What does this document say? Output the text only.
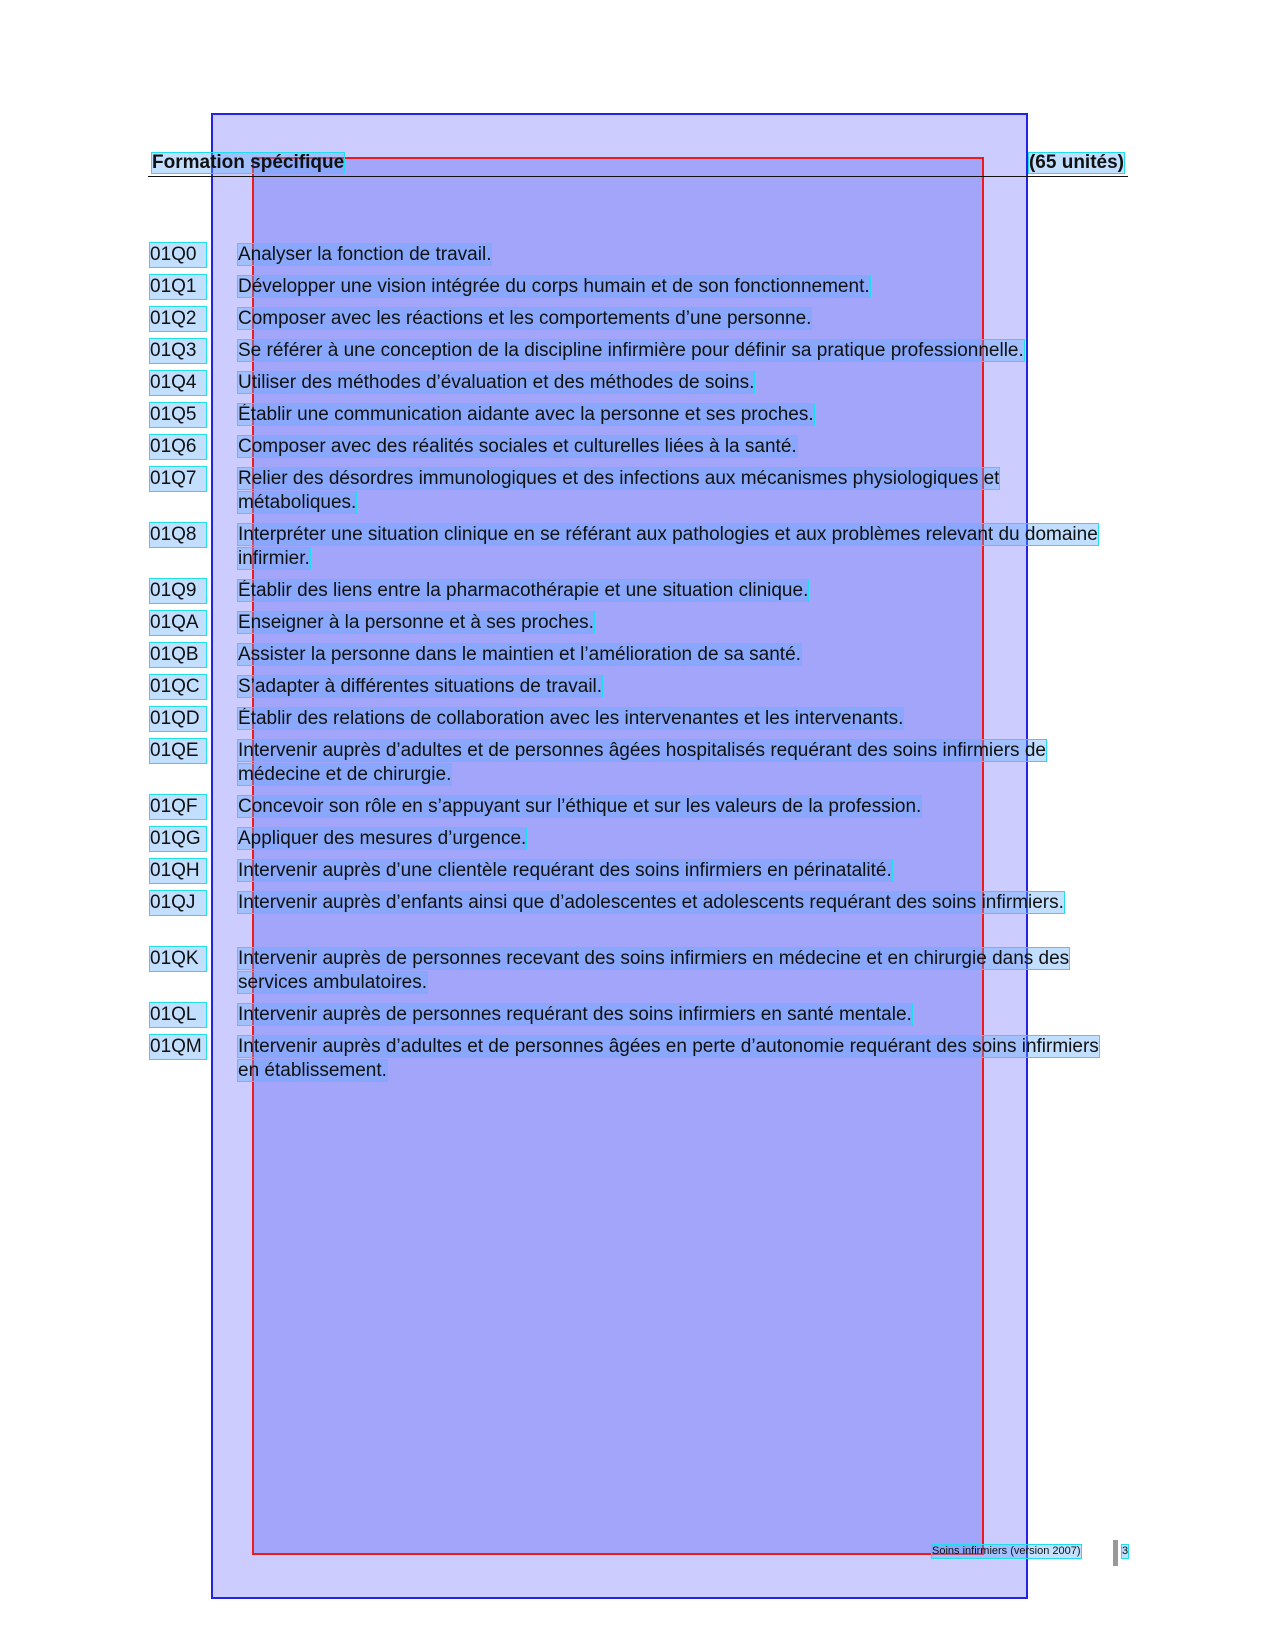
Formation spécifique	(65 unités)
01Q0	Analyser la fonction de travail.
01Q1	Développer une vision intégrée du corps humain et de son fonctionnement.
01Q2	Composer avec les réactions et les comportements d’une personne.
01Q3	Se référer à une conception de la discipline infirmière pour définir sa pratique professionnelle.
01Q4	Utiliser des méthodes d’évaluation et des méthodes de soins.
01Q5	Établir une communication aidante avec la personne et ses proches.
01Q6	Composer avec des réalités sociales et culturelles liées à la santé.
01Q7	Relier des désordres immunologiques et des infections aux mécanismes physiologiques et métaboliques.
01Q8	Interpréter une situation clinique en se référant aux pathologies et aux problèmes relevant du domaine infirmier.
01Q9	Établir des liens entre la pharmacothérapie et une situation clinique.
01QA	Enseigner à la personne et à ses proches.
01QB	Assister la personne dans le maintien et l’amélioration de sa santé.
01QC	S’adapter à différentes situations de travail.
01QD	Établir des relations de collaboration avec les intervenantes et les intervenants.
01QE	Intervenir auprès d’adultes et de personnes âgées hospitalisés requérant des soins infirmiers de médecine et de chirurgie.
01QF	Concevoir son rôle en s’appuyant sur l’éthique et sur les valeurs de la profession.
01QG Appliquer des mesures d’urgence.
01QH	Intervenir auprès d’une clientèle requérant des soins infirmiers en périnatalité.
01QJ	Intervenir auprès d’enfants ainsi que d’adolescentes et adolescents requérant des soins infirmiers.
01QK	Intervenir auprès de personnes recevant des soins infirmiers en médecine et en chirurgie dans des services ambulatoires.
01QL	Intervenir auprès de personnes requérant des soins infirmiers en santé mentale.
01QM Intervenir auprès d’adultes et de personnes âgées en perte d’autonomie requérant des soins infirmiers en établissement.
Soins infirmiers (version 2007)	3
